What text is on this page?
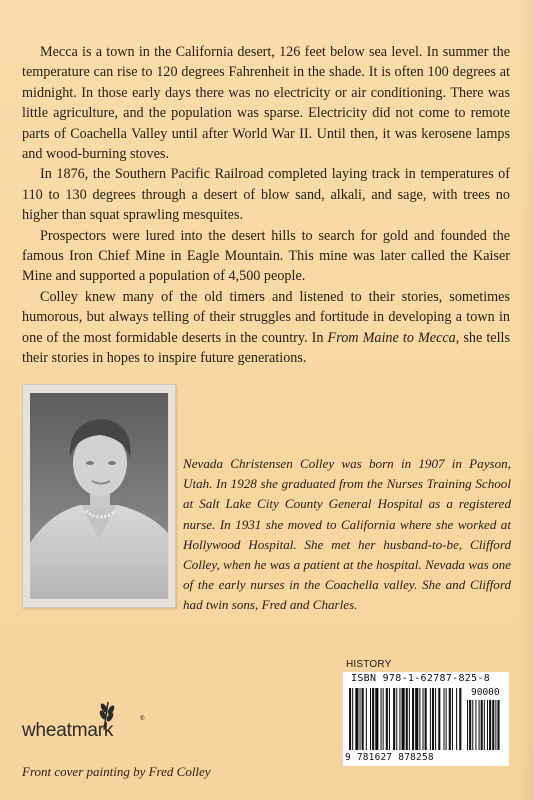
Mecca is a town in the California desert, 126 feet below sea level. In summer the temperature can rise to 120 degrees Fahrenheit in the shade. It is often 100 degrees at midnight. In those early days there was no electricity or air conditioning. There was little agriculture, and the population was sparse. Electricity did not come to remote parts of Coachella Valley until after World War II. Until then, it was kerosene lamps and wood-burning stoves.

In 1876, the Southern Pacific Railroad completed laying track in temperatures of 110 to 130 degrees through a desert of blow sand, alkali, and sage, with trees no higher than squat sprawling mesquites.

Prospectors were lured into the desert hills to search for gold and founded the famous Iron Chief Mine in Eagle Mountain. This mine was later called the Kaiser Mine and supported a population of 4,500 people.

Colley knew many of the old timers and listened to their stories, sometimes humorous, but always telling of their struggles and fortitude in developing a town in one of the most formidable deserts in the country. In From Maine to Mecca, she tells their stories in hopes to inspire future generations.

Nevada Christensen Colley was born in 1907 in Payson, Utah. In 1928 she graduated from the Nurses Training School at Salt Lake City County General Hospital as a registered nurse. In 1931 she moved to California where she worked at Hollywood Hospital. She met her husband-to-be, Clifford Colley, when he was a patient at the hospital. Nevada was one of the early nurses in the Coachella valley. She and Clifford had twin sons, Fred and Charles.
HISTORY
ISBN 978-1-62787-825-8
90000
9 781627 878258
wheatmark
®
Front cover painting by Fred Colley
